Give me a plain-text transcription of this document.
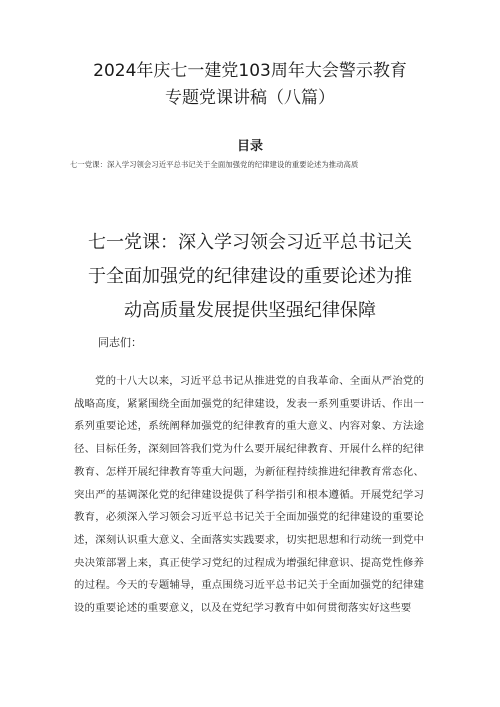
2024年庆七一建党103周年大会警示教育
专题党课讲稿（八篇）
目录
七一党课：深入学习领会习近平总书记关于全面加强党的纪律建设的重要论述为推动高质
七一党课：深入学习领会习近平总书记关
于全面加强党的纪律建设的重要论述为推
动高质量发展提供坚强纪律保障
同志们：

党的十八大以来，习近平总书记从推进党的自我革命、全面从严治党的战略高度，紧紧围绕全面加强党的纪律建设，发表一系列重要讲话、作出一系列重要论述，系统阐释加强党的纪律教育的重大意义、内容对象、方法途径、目标任务，深刻回答我们党为什么要开展纪律教育、开展什么样的纪律教育、怎样开展纪律教育等重大问题，为新征程持续推进纪律教育常态化、突出严的基调深化党的纪律建设提供了科学指引和根本遵循。开展党纪学习教育，必须深入学习领会习近平总书记关于全面加强党的纪律建设的重要论述，深刻认识重大意义、全面落实实践要求，切实把思想和行动统一到党中央决策部署上来，真正使学习党纪的过程成为增强纪律意识、提高党性修养的过程。今天的专题辅导，重点围绕习近平总书记关于全面加强党的纪律建设的重要论述的重要意义，以及在党纪学习教育中如何贯彻落实好这些要
